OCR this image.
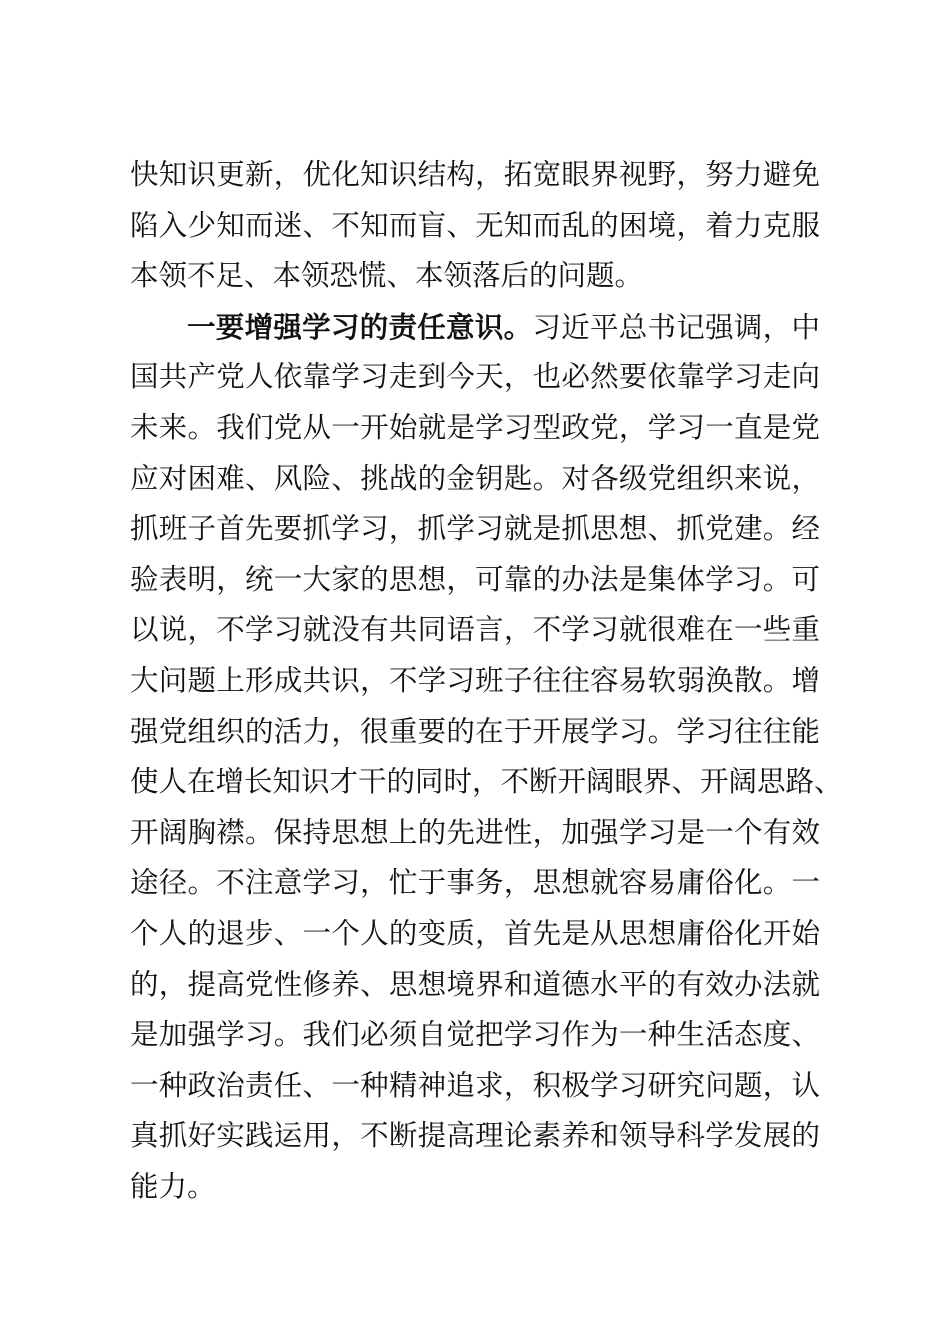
快知识更新，优化知识结构，拓宽眼界视野，努力避免
陷入少知而迷、不知而盲、无知而乱的困境，着力克服
本领不足、本领恐慌、本领落后的问题。
一要增强学习的责任意识。习近平总书记强调，中
国共产党人依靠学习走到今天，也必然要依靠学习走向
未来。我们党从一开始就是学习型政党，学习一直是党
应对困难、风险、挑战的金钥匙。对各级党组织来说，
抓班子首先要抓学习，抓学习就是抓思想、抓党建。经
验表明，统一大家的思想，可靠的办法是集体学习。可
以说，不学习就没有共同语言，不学习就很难在一些重
大问题上形成共识，不学习班子往往容易软弱涣散。增
强党组织的活力，很重要的在于开展学习。学习往往能
使人在增长知识才干的同时，不断开阔眼界、开阔思路、
开阔胸襟。保持思想上的先进性，加强学习是一个有效
途径。不注意学习，忙于事务，思想就容易庸俗化。一
个人的退步、一个人的变质，首先是从思想庸俗化开始
的，提高党性修养、思想境界和道德水平的有效办法就
是加强学习。我们必须自觉把学习作为一种生活态度、
一种政治责任、一种精神追求，积极学习研究问题，认
真抓好实践运用，不断提高理论素养和领导科学发展的
能力。
